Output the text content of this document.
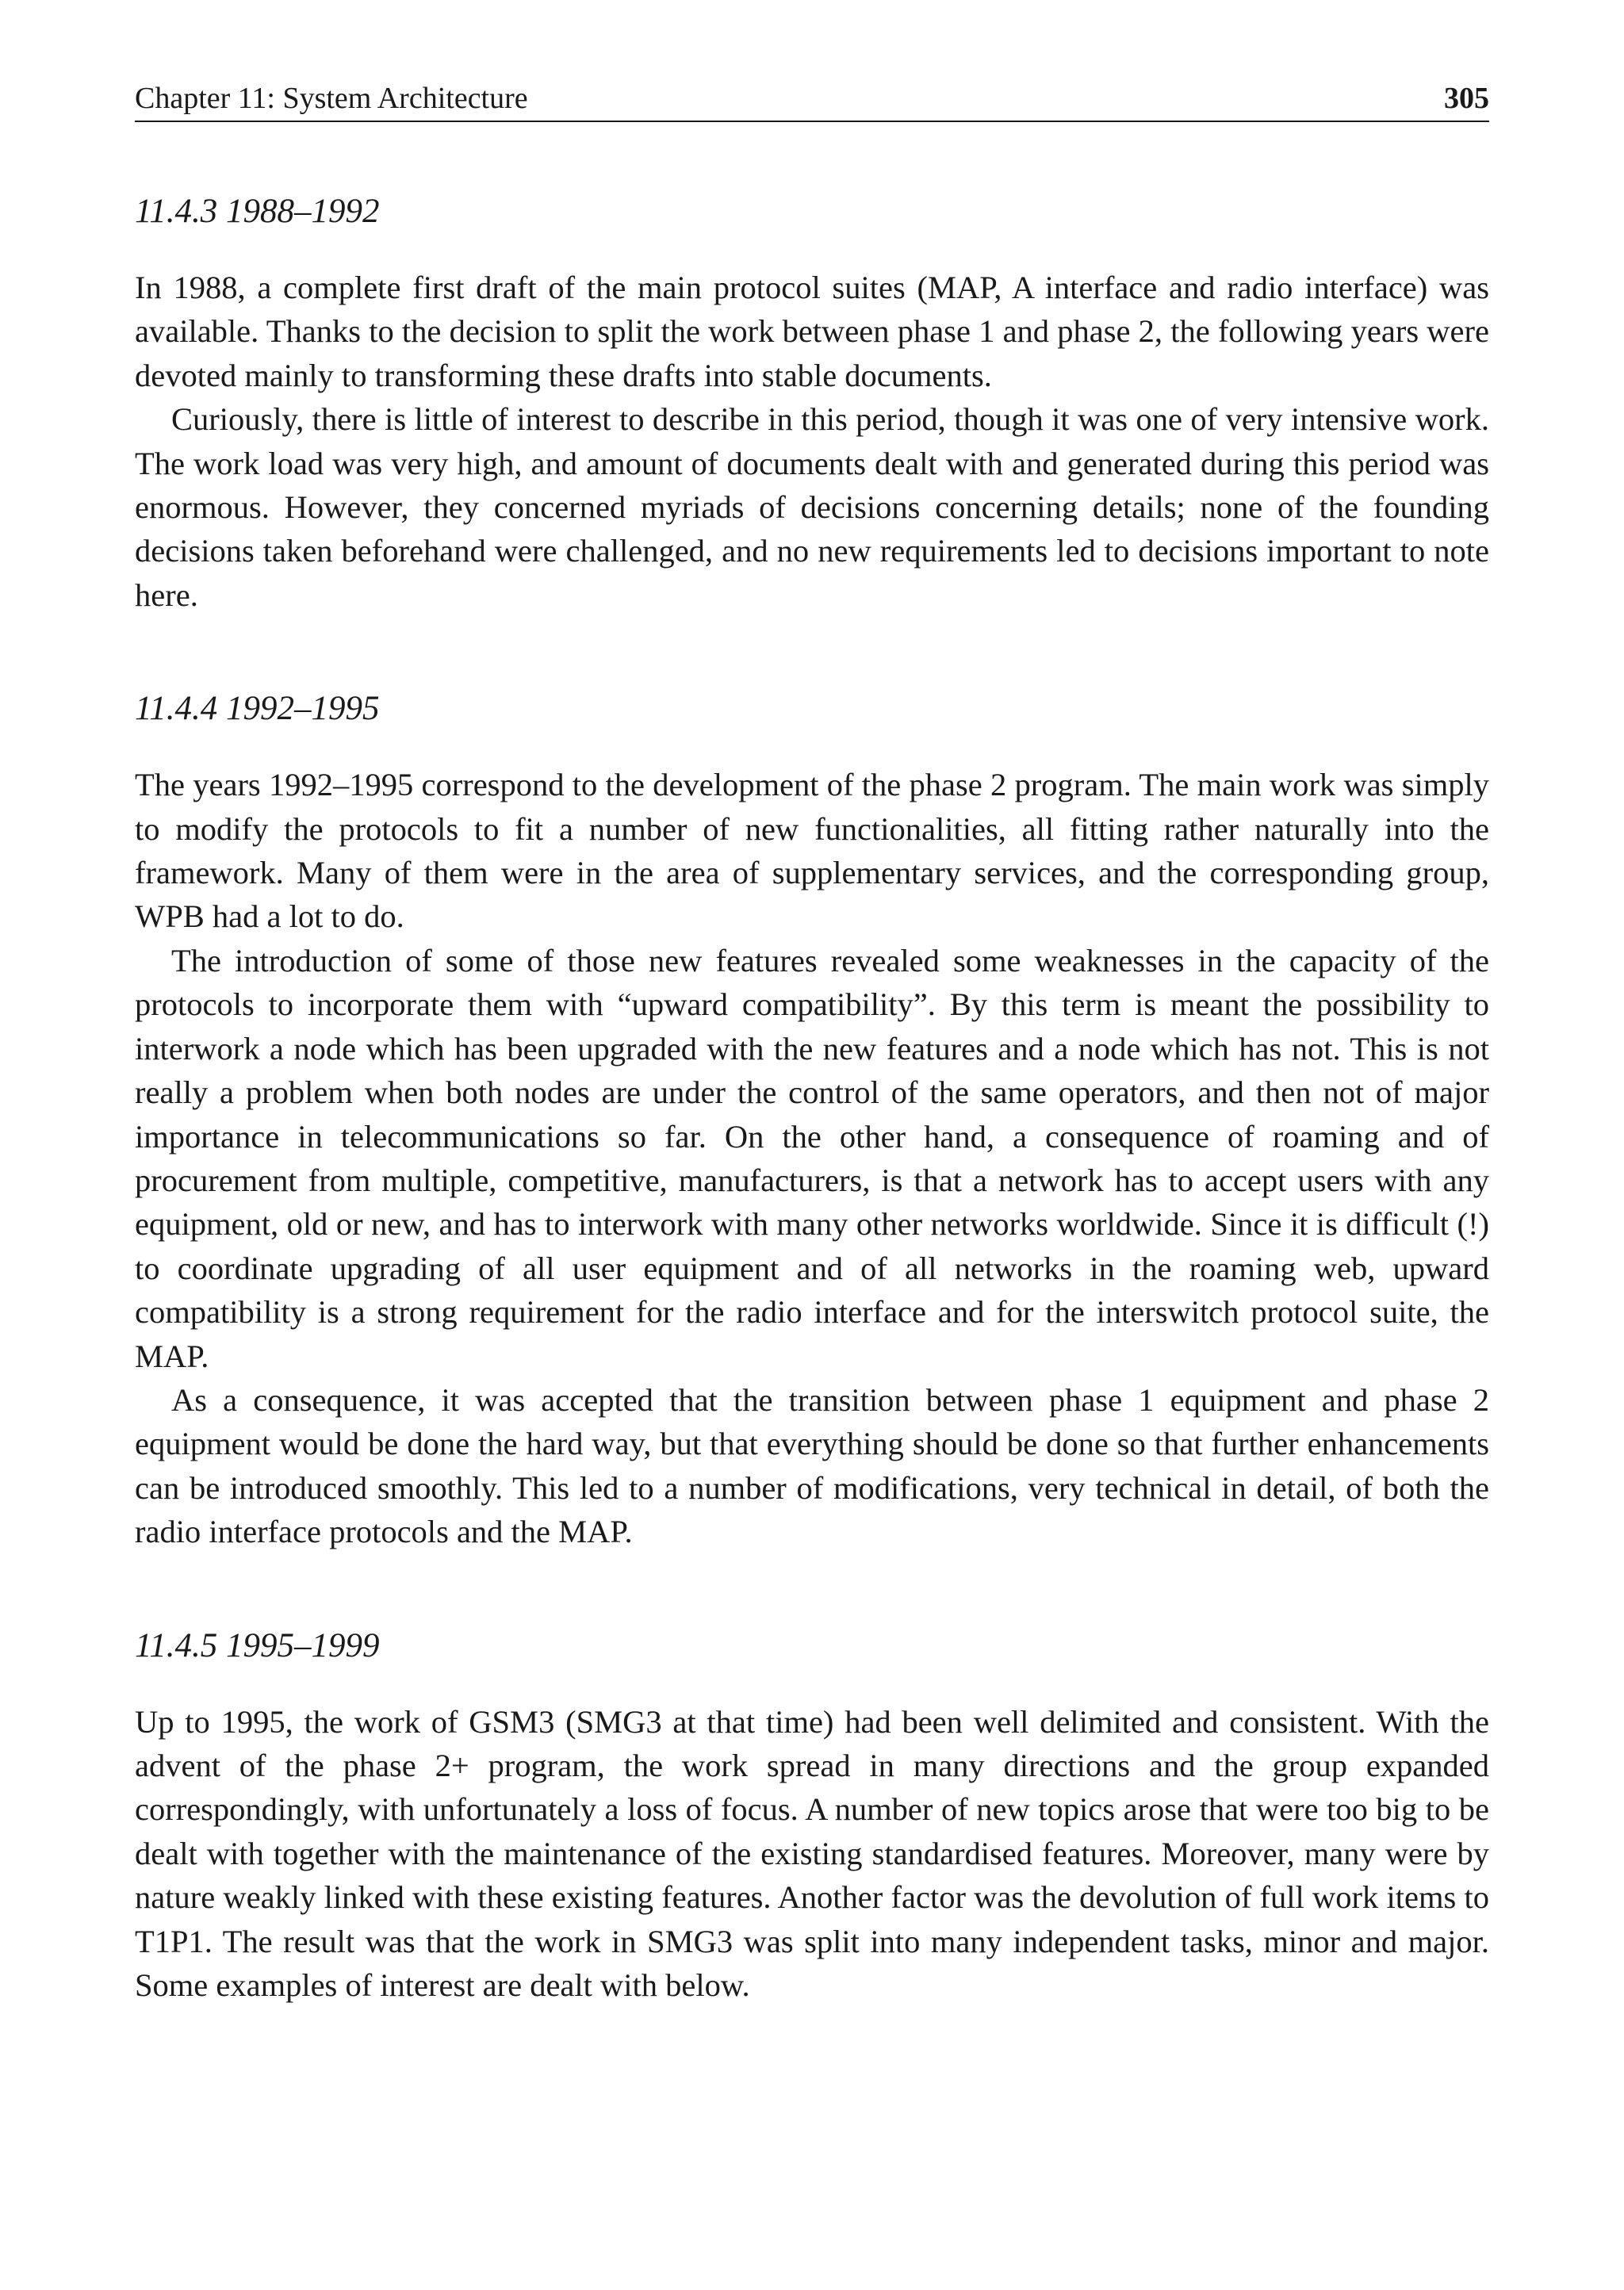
Chapter 11: System Architecture	305
11.4.3 1988–1992

In 1988, a complete first draft of the main protocol suites (MAP, A interface and radio interface) was available. Thanks to the decision to split the work between phase 1 and phase 2, the following years were devoted mainly to transforming these drafts into stable documents.

Curiously, there is little of interest to describe in this period, though it was one of very intensive work. The work load was very high, and amount of documents dealt with and generated during this period was enormous. However, they concerned myriads of decisions concerning details; none of the founding decisions taken beforehand were challenged, and no new requirements led to decisions important to note here.

11.4.4 1992–1995

The years 1992–1995 correspond to the development of the phase 2 program. The main work was simply to modify the protocols to fit a number of new functionalities, all fitting rather naturally into the framework. Many of them were in the area of supplementary services, and the corresponding group, WPB had a lot to do.

The introduction of some of those new features revealed some weaknesses in the capacity of the protocols to incorporate them with “upward compatibility”. By this term is meant the possibility to interwork a node which has been upgraded with the new features and a node which has not. This is not really a problem when both nodes are under the control of the same operators, and then not of major importance in telecommunications so far. On the other hand, a consequence of roaming and of procurement from multiple, competitive, manufacturers, is that a network has to accept users with any equipment, old or new, and has to interwork with many other networks worldwide. Since it is difficult (!) to coordinate upgrading of all user equipment and of all networks in the roaming web, upward compatibility is a strong requirement for the radio interface and for the interswitch protocol suite, the MAP.

As a consequence, it was accepted that the transition between phase 1 equipment and phase 2 equipment would be done the hard way, but that everything should be done so that further enhancements can be introduced smoothly. This led to a number of modifications, very technical in detail, of both the radio interface protocols and the MAP.

11.4.5 1995–1999

Up to 1995, the work of GSM3 (SMG3 at that time) had been well delimited and consistent. With the advent of the phase 2+ program, the work spread in many directions and the group expanded correspondingly, with unfortunately a loss of focus. A number of new topics arose that were too big to be dealt with together with the maintenance of the existing standardised features. Moreover, many were by nature weakly linked with these existing features. Another factor was the devolution of full work items to T1P1. The result was that the work in SMG3 was split into many independent tasks, minor and major. Some examples of interest are dealt with below.
